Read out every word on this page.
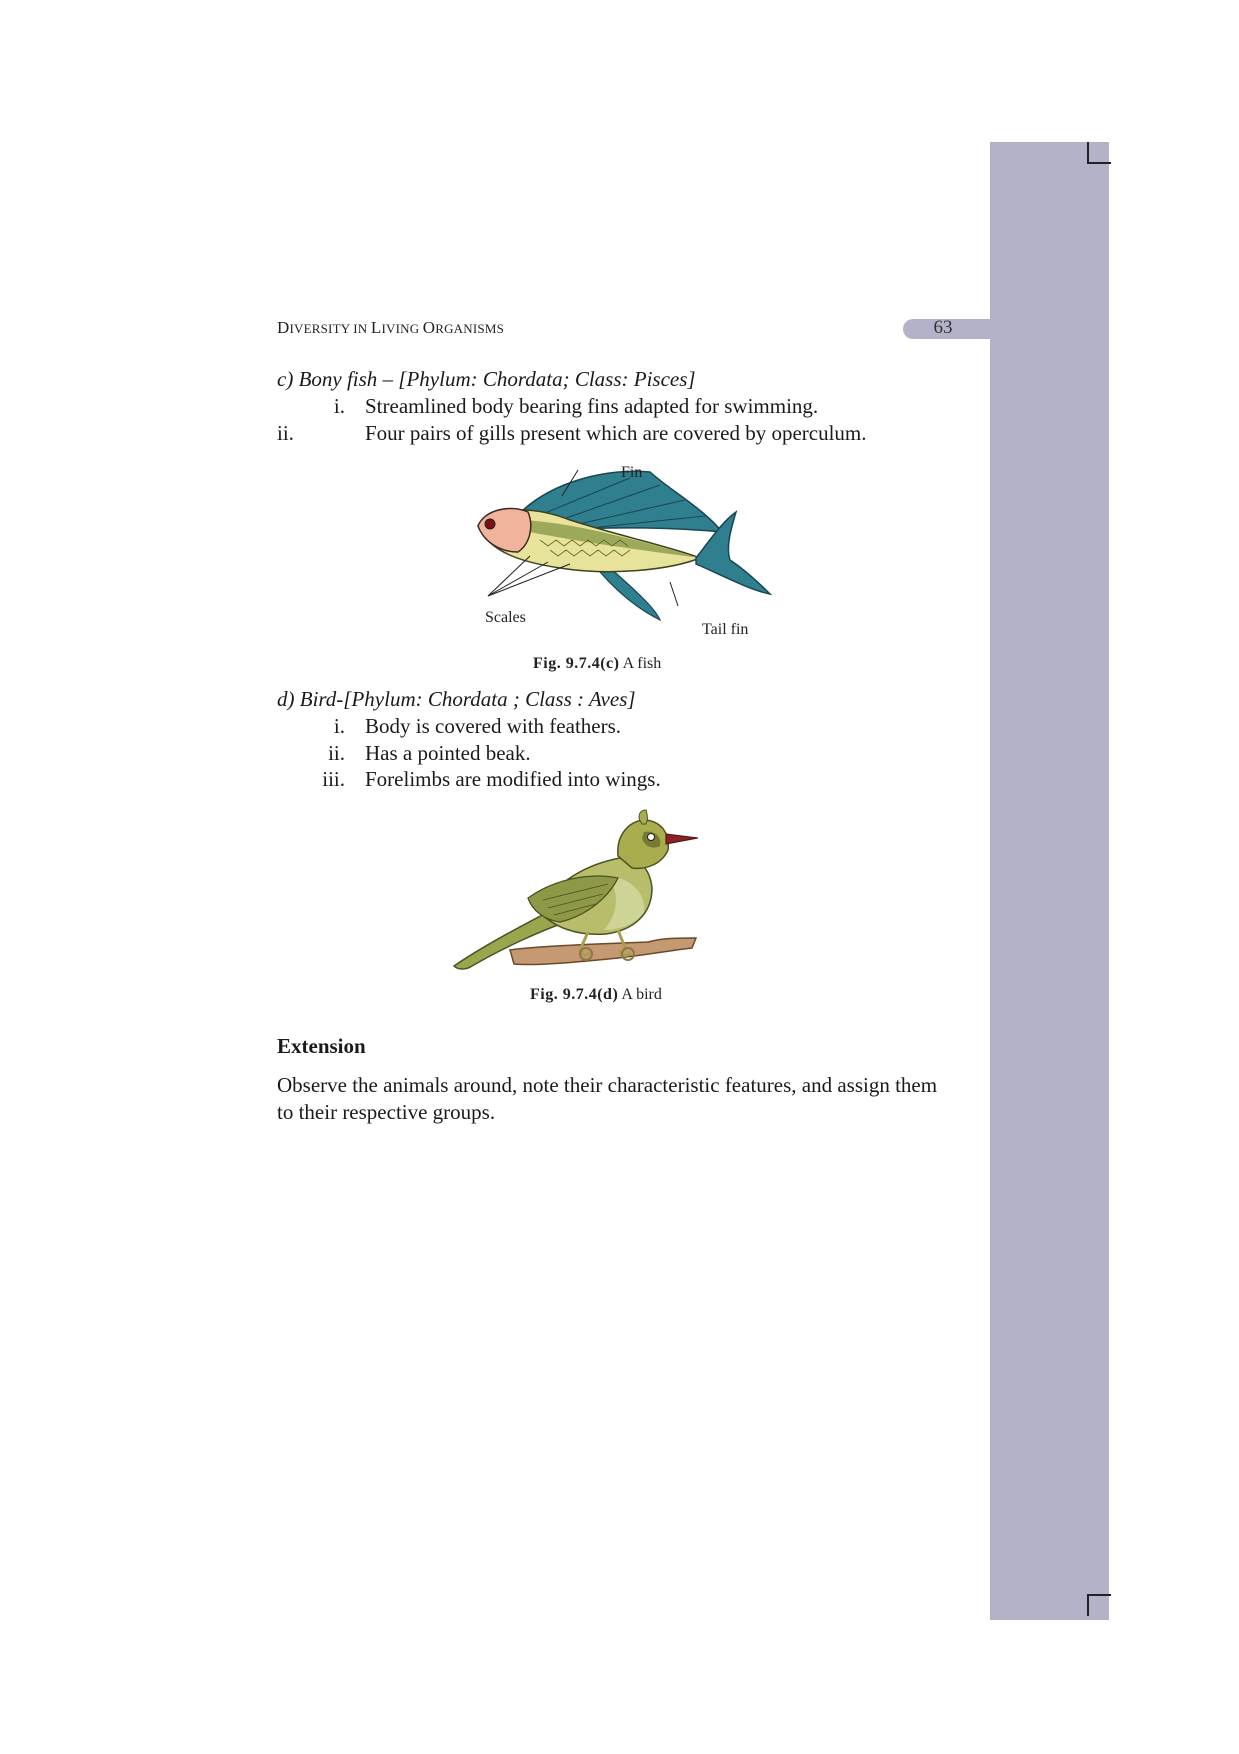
DIVERSITY IN LIVING ORGANISMS	63
c) Bony fish – [Phylum: Chordata; Class: Pisces]
i. Streamlined body bearing fins adapted for swimming.
ii.	Four pairs of gills present which are covered by operculum.
Fin
Scales
Tail fin
Fig. 9.7.4(c) A fish
d) Bird-[Phylum: Chordata ; Class : Aves]
i. Body is covered with feathers.
ii. Has a pointed beak.
iii. Forelimbs are modified into wings.
Fig. 9.7.4(d) A bird
Extension
Observe the animals around, note their characteristic features, and assign them to their respective groups.
